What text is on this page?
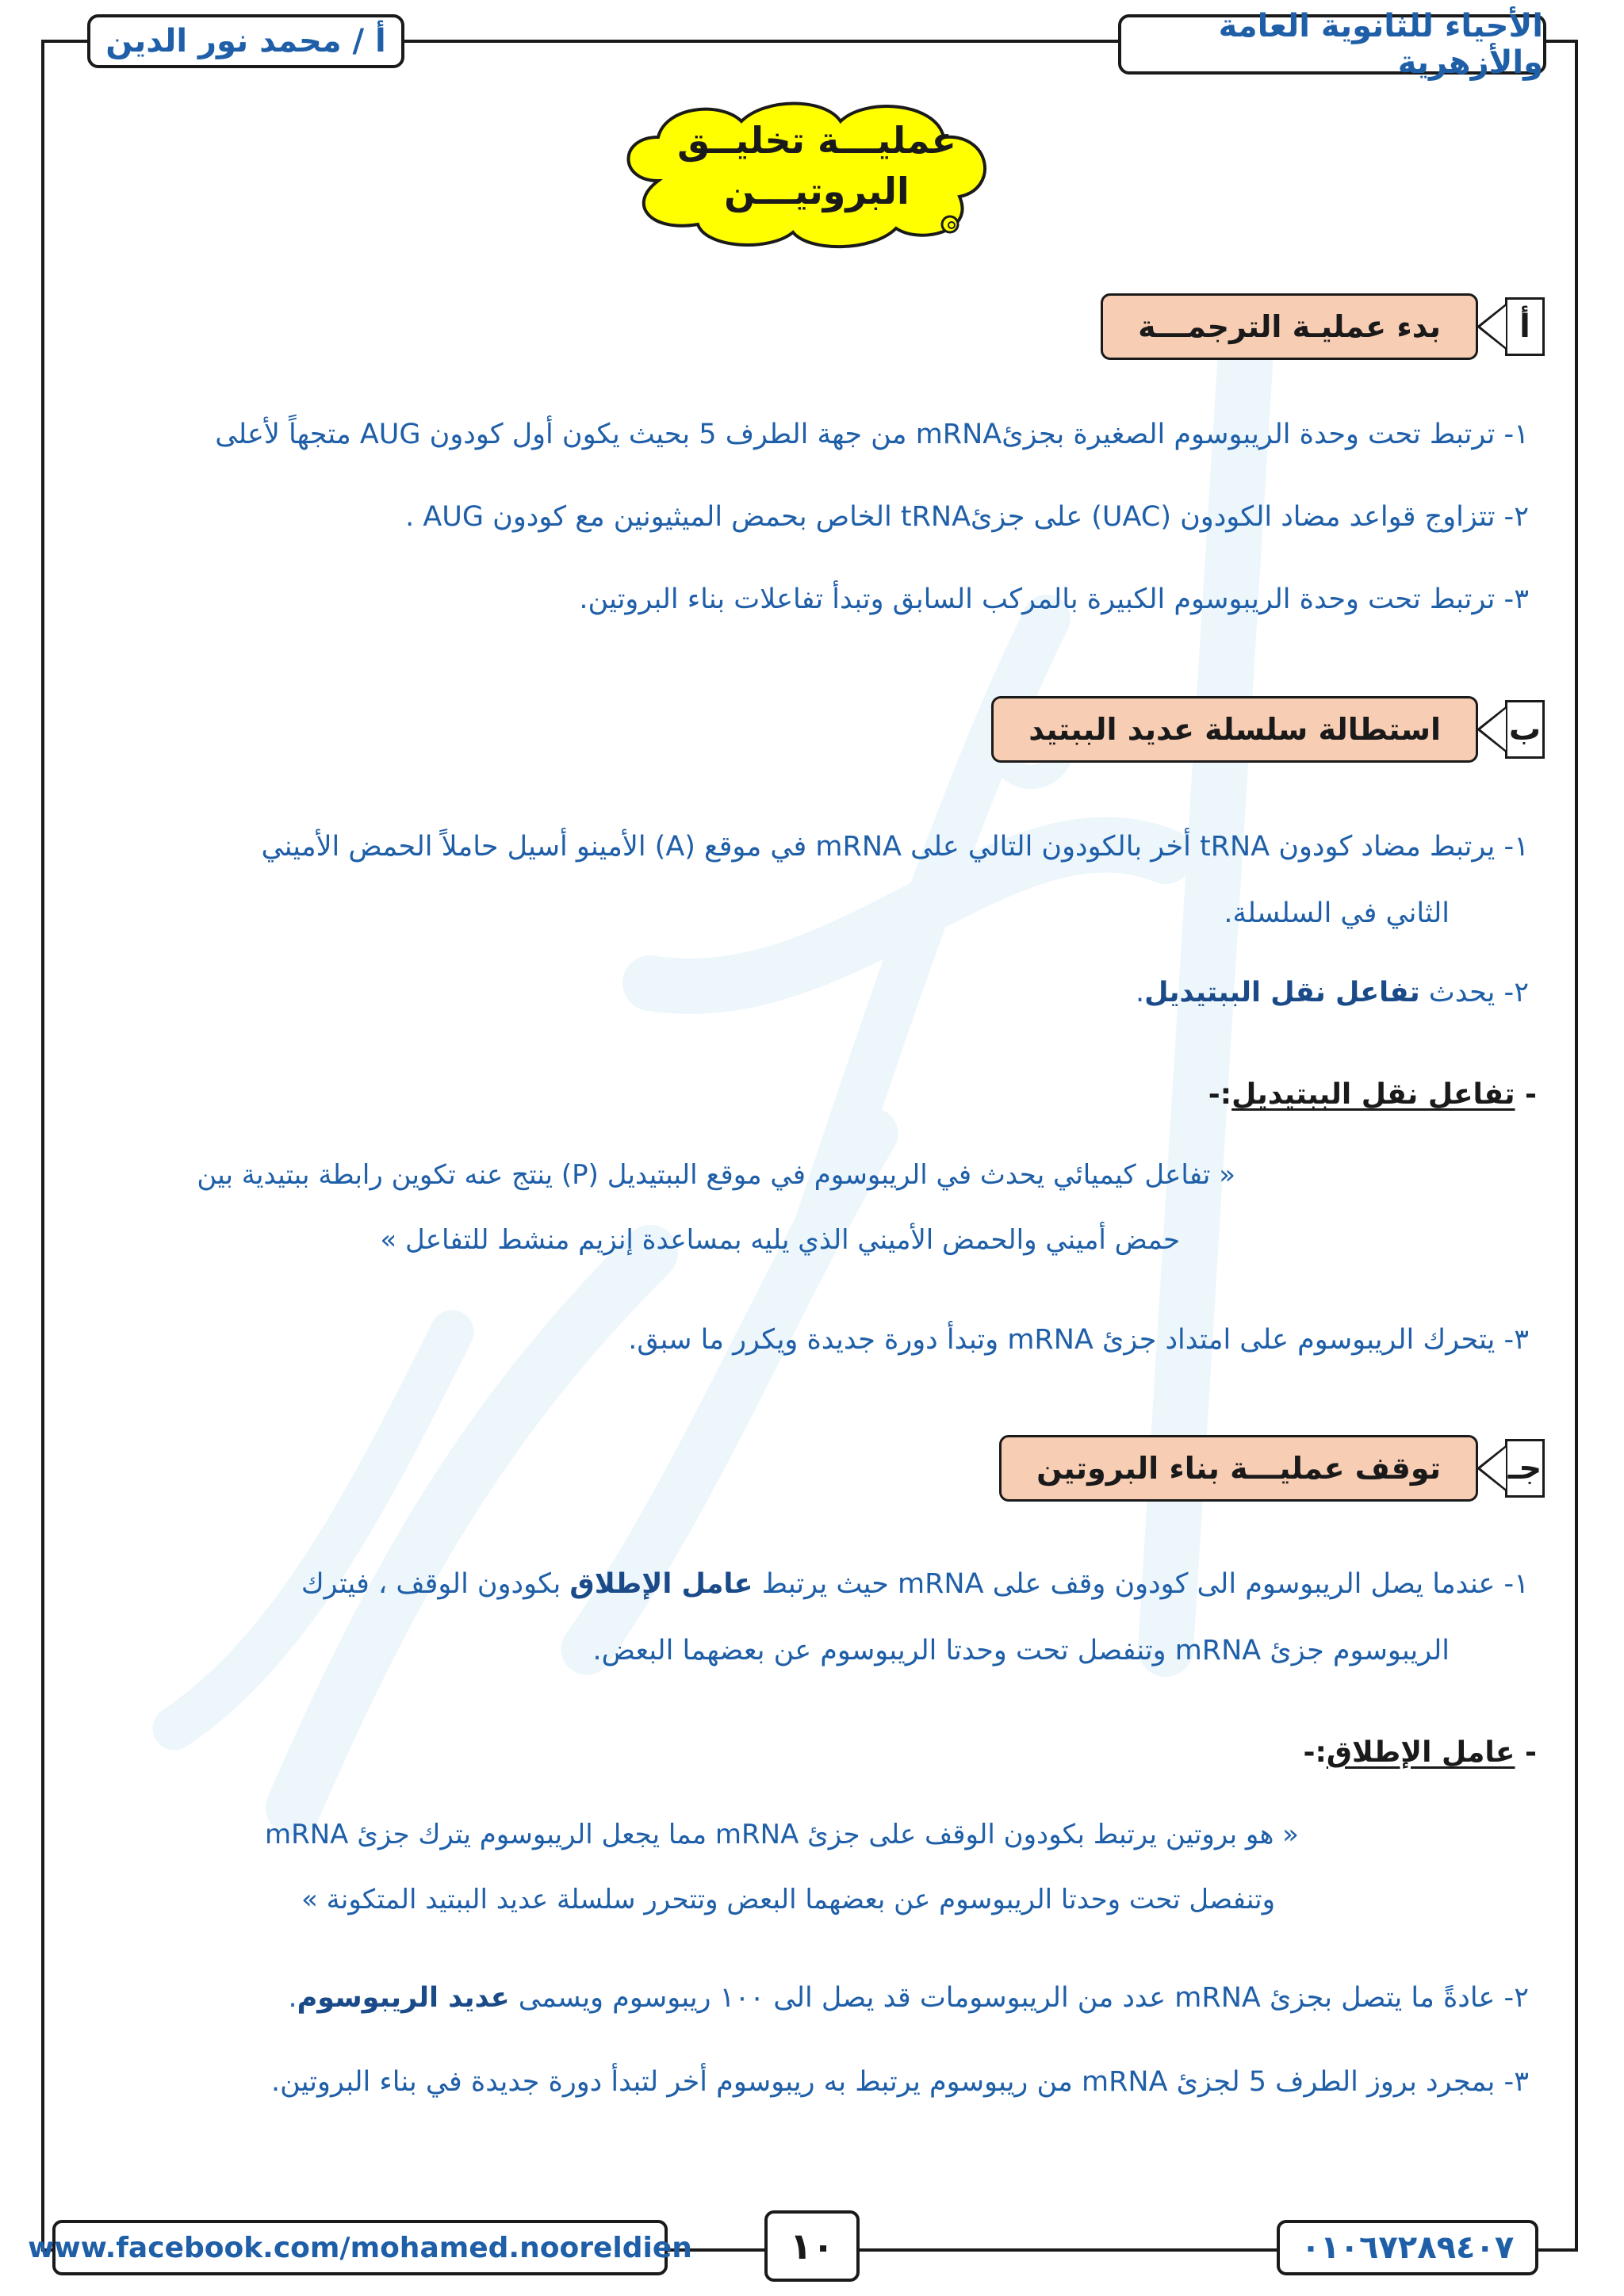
الأحياء للثانوية العامة والأزهرية
أ / محمد نور الدين
عمليـــة تخليــق
البروتيـــن
أ
بدء عمليـة الترجمـــة
١- ترتبط تحت وحدة الريبوسوم الصغيرة بجزئmRNA من جهة الطرف 5 بحيث يكون أول كودون AUG متجهاً لأعلى
٢- تتزاوج قواعد مضاد الكودون (UAC) على جزئtRNA الخاص بحمض الميثيونين مع كودون AUG .
٣- ترتبط تحت وحدة الريبوسوم الكبيرة بالمركب السابق وتبدأ تفاعلات بناء البروتين.
ب
استطالة سلسلة عديد الببتيد
١- يرتبط مضاد كودون tRNA أخر بالكودون التالي على mRNA في موقع (A) الأمينو أسيل حاملاً الحمض الأميني
الثاني في السلسلة.
٢- يحدث تفاعل نقل الببتيديل.
- تفاعل نقل الببتيديل:-
« تفاعل كيميائي يحدث في الريبوسوم في موقع الببتيديل (P) ينتج عنه تكوين رابطة ببتيدية بين
حمض أميني والحمض الأميني الذي يليه بمساعدة إنزيم منشط للتفاعل »
٣- يتحرك الريبوسوم على امتداد جزئ mRNA وتبدأ دورة جديدة ويكرر ما سبق.
جـ
توقف عمليـــة بناء البروتين
١- عندما يصل الريبوسوم الى كودون وقف على mRNA حيث يرتبط عامل الإطلاق بكودون الوقف ، فيترك
الريبوسوم جزئ mRNA وتنفصل تحت وحدتا الريبوسوم عن بعضهما البعض.
- عامل الإطلاق:-
« هو بروتين يرتبط بكودون الوقف على جزئ mRNA مما يجعل الريبوسوم يترك جزئ mRNA
وتنفصل تحت وحدتا الريبوسوم عن بعضهما البعض وتتحرر سلسلة عديد الببتيد المتكونة »
٢- عادةً ما يتصل بجزئ mRNA عدد من الريبوسومات قد يصل الى ١٠٠ ريبوسوم ويسمى عديد الريبوسوم.
٣- بمجرد بروز الطرف 5 لجزئ mRNA من ريبوسوم يرتبط به ريبوسوم أخر لتبدأ دورة جديدة في بناء البروتين.
www.facebook.com/mohamed.nooreldien	١٠	٠١٠٦٧٢٨٩٤٠٧
